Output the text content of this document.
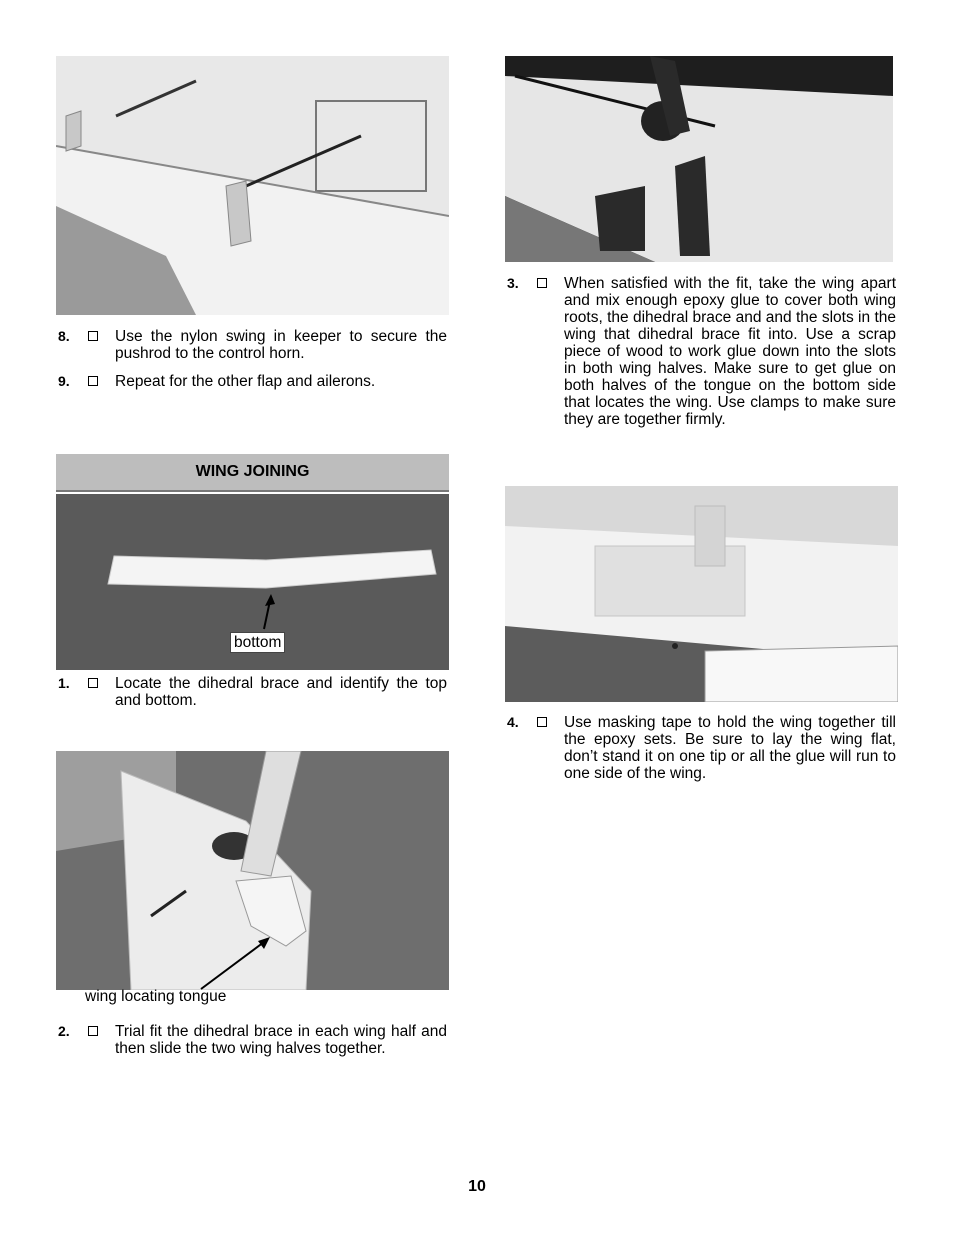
8.	Use the nylon swing in keeper to secure the pushrod to the control horn.
9.	Repeat for the other flap and ailerons.
WING JOINING
bottom
1.	Locate the dihedral brace and identify the top and bottom.
wing locating tongue
2.	Trial fit the dihedral brace in each wing half and then slide the two wing halves together.
3.	When satisfied with the fit, take the wing apart and mix enough epoxy glue to cover both wing roots, the dihedral brace and and the slots in the wing that dihedral brace fit into. Use a scrap piece of wood to work glue down into the slots in both wing halves. Make sure to get glue on both halves of the tongue on the bottom side that locates the wing. Use clamps to make sure they are together firmly.
4.	Use masking tape to hold the wing together till the epoxy sets. Be sure to lay the wing flat, don’t stand it on one tip or all the glue will run to one side of the wing.
10
